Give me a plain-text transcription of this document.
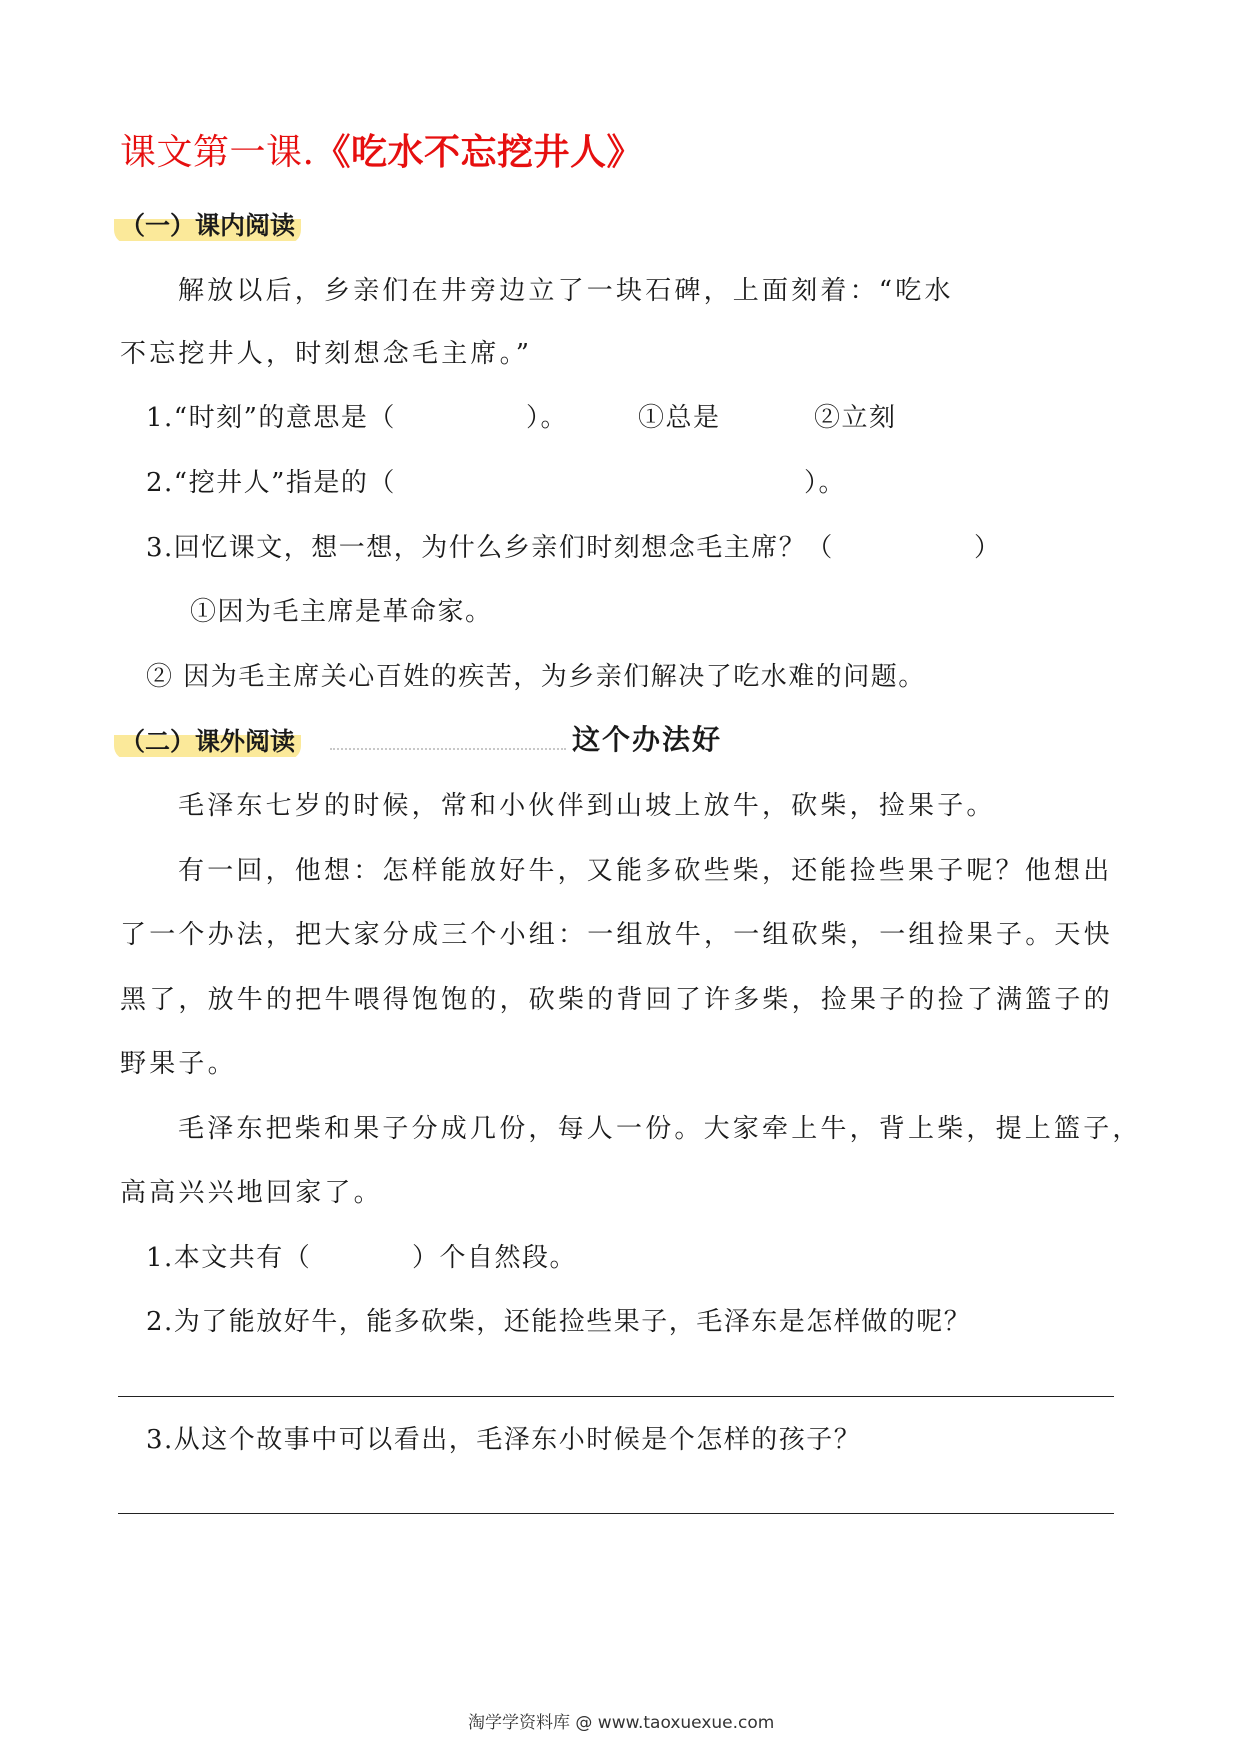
课文第一课.《吃水不忘挖井人》
（一）课内阅读
解放以后，乡亲们在井旁边立了一块石碑，上面刻着：“吃水
不忘挖井人，时刻想念毛主席。”
1.“时刻”的意思是（	）。	①总是	②立刻
2.“挖井人”指是的（	）。
3.回忆课文，想一想，为什么乡亲们时刻想念毛主席？（	）
①因为毛主席是革命家。
② 因为毛主席关心百姓的疾苦，为乡亲们解决了吃水难的问题。
（二）课外阅读	这个办法好
毛泽东七岁的时候，常和小伙伴到山坡上放牛，砍柴，捡果子。
有一回，他想：怎样能放好牛，又能多砍些柴，还能捡些果子呢？他想出
了一个办法，把大家分成三个小组：一组放牛，一组砍柴，一组捡果子。天快
黑了，放牛的把牛喂得饱饱的，砍柴的背回了许多柴，捡果子的捡了满篮子的
野果子。
毛泽东把柴和果子分成几份，每人一份。大家牵上牛，背上柴，提上篮子，
高高兴兴地回家了。
1.本文共有（	）个自然段。
2.为了能放好牛，能多砍柴，还能捡些果子，毛泽东是怎样做的呢？
3.从这个故事中可以看出，毛泽东小时候是个怎样的孩子？
淘学学资料库 @ www.taoxuexue.com
